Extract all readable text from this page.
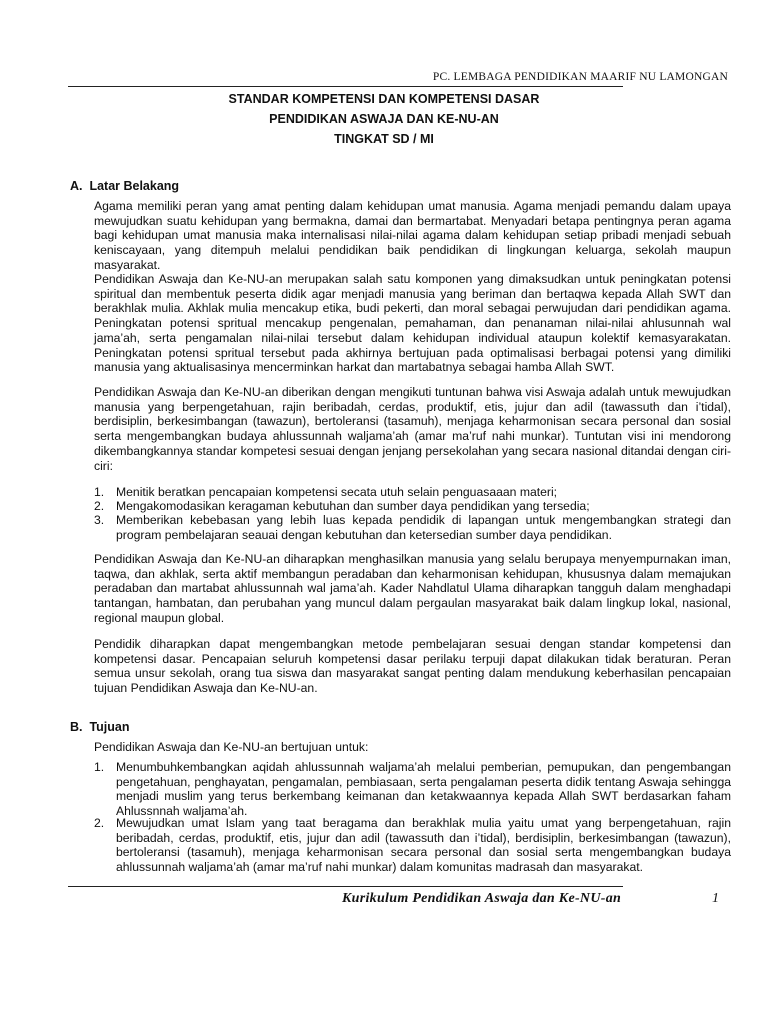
PC. LEMBAGA PENDIDIKAN MAARIF NU LAMONGAN
STANDAR KOMPETENSI DAN KOMPETENSI DASAR
PENDIDIKAN ASWAJA DAN KE-NU-AN
TINGKAT SD / MI
A.  Latar Belakang
Agama memiliki peran yang amat penting dalam kehidupan umat manusia. Agama menjadi pemandu dalam upaya mewujudkan suatu kehidupan yang bermakna, damai dan bermartabat. Menyadari betapa pentingnya peran agama bagi kehidupan umat manusia maka internalisasi nilai-nilai agama dalam kehidupan setiap pribadi menjadi sebuah keniscayaan, yang ditempuh melalui pendidikan baik pendidikan di lingkungan keluarga, sekolah maupun masyarakat.
Pendidikan Aswaja dan Ke-NU-an merupakan salah satu komponen yang dimaksudkan untuk peningkatan potensi spiritual dan membentuk peserta didik agar menjadi manusia yang beriman dan bertaqwa kepada Allah SWT dan berakhlak mulia. Akhlak mulia mencakup etika, budi pekerti, dan moral sebagai perwujudan dari pendidikan agama. Peningkatan potensi spritual mencakup pengenalan, pemahaman, dan penanaman nilai-nilai ahlusunnah wal jama’ah, serta pengamalan nilai-nilai tersebut dalam kehidupan individual ataupun kolektif kemasyarakatan. Peningkatan potensi spritual tersebut pada akhirnya bertujuan pada optimalisasi berbagai potensi yang dimiliki manusia yang aktualisasinya mencerminkan harkat dan martabatnya sebagai hamba Allah SWT.
Pendidikan Aswaja dan Ke-NU-an diberikan dengan mengikuti tuntunan bahwa visi Aswaja adalah untuk mewujudkan manusia yang berpengetahuan, rajin beribadah, cerdas, produktif, etis, jujur dan adil (tawassuth dan i’tidal), berdisiplin, berkesimbangan (tawazun), bertoleransi (tasamuh), menjaga keharmonisan secara personal dan sosial serta mengembangkan budaya ahlussunnah waljama’ah (amar ma’ruf nahi munkar). Tuntutan visi ini mendorong dikembangkannya standar kompetesi sesuai dengan jenjang persekolahan yang secara nasional ditandai dengan ciri-ciri:
1. Menitik beratkan pencapaian kompetensi secata utuh selain penguasaaan materi;
2. Mengakomodasikan keragaman kebutuhan dan sumber daya pendidikan yang tersedia;
3. Memberikan kebebasan yang lebih luas kepada pendidik di lapangan untuk mengembangkan strategi dan program pembelajaran seauai dengan kebutuhan dan ketersedian sumber daya pendidikan.
Pendidikan Aswaja dan Ke-NU-an diharapkan menghasilkan manusia yang selalu berupaya menyempurnakan iman, taqwa, dan akhlak, serta aktif membangun peradaban dan keharmonisan kehidupan, khususnya dalam memajukan peradaban dan martabat ahlussunnah wal jama’ah. Kader Nahdlatul Ulama diharapkan tangguh dalam menghadapi tantangan, hambatan, dan perubahan yang muncul dalam pergaulan masyarakat baik dalam lingkup lokal, nasional, regional maupun global.
Pendidik diharapkan dapat mengembangkan metode pembelajaran sesuai dengan standar kompetensi dan kompetensi dasar. Pencapaian seluruh kompetensi dasar perilaku terpuji dapat dilakukan tidak beraturan. Peran semua unsur sekolah, orang tua siswa dan masyarakat sangat penting dalam mendukung keberhasilan pencapaian tujuan Pendidikan Aswaja dan Ke-NU-an.
B.  Tujuan
Pendidikan Aswaja dan Ke-NU-an bertujuan untuk:
1. Menumbuhkembangkan aqidah ahlussunnah waljama’ah melalui pemberian, pemupukan, dan pengembangan pengetahuan, penghayatan, pengamalan, pembiasaan, serta pengalaman peserta didik tentang Aswaja sehingga menjadi muslim yang terus berkembang keimanan dan ketakwaannya kepada Allah SWT berdasarkan faham Ahlussnnah waljama’ah.
2. Mewujudkan umat Islam yang taat beragama dan berakhlak mulia yaitu umat yang berpengetahuan, rajin beribadah, cerdas, produktif, etis, jujur dan adil (tawassuth dan i’tidal), berdisiplin, berkesimbangan (tawazun), bertoleransi (tasamuh), menjaga keharmonisan secara personal dan sosial serta mengembangkan budaya ahlussunnah waljama’ah (amar ma’ruf nahi munkar) dalam komunitas madrasah dan masyarakat.
Kurikulum Pendidikan Aswaja dan Ke-NU-an	1
